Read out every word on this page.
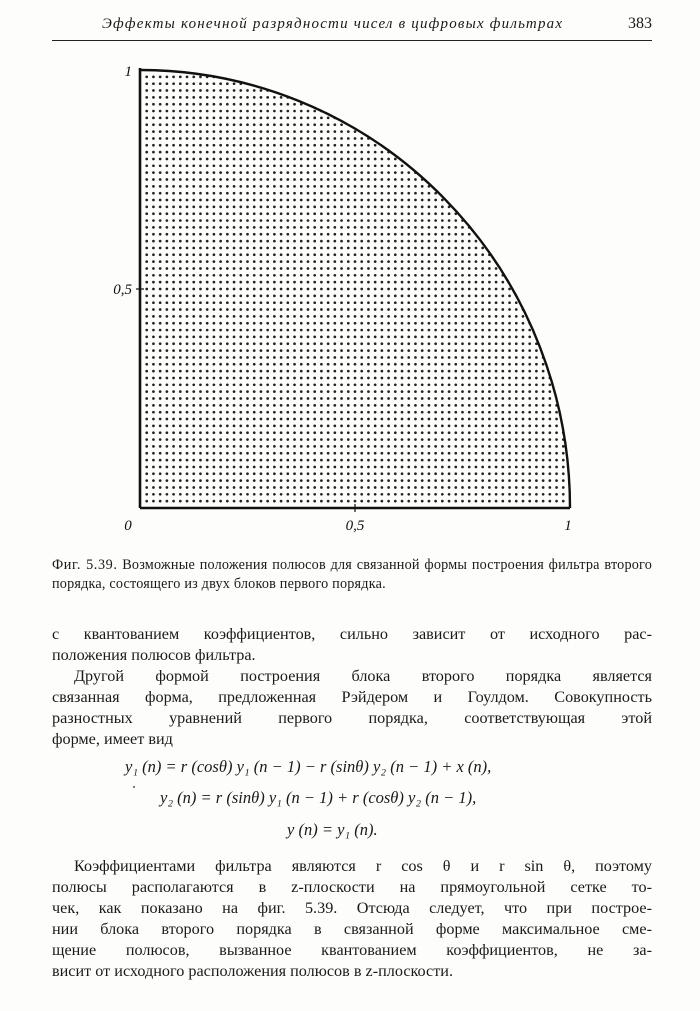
Эффекты конечной разрядности чисел в цифровых фильтрах	383
0	0,5	1
0,5
1
Фиг. 5.39. Возможные положения полюсов для связанной формы построения фильтра второго порядка, состоящего из двух блоков первого порядка.
с квантованием коэффициентов, сильно зависит от исходного рас-
положения полюсов фильтра.
Другой формой построения блока второго порядка является
связанная форма, предложенная Рэйдером и Гоулдом. Совокупность
разностных уравнений первого порядка, соответствующая этой
форме, имеет вид
y₁ (n) = r (cosθ) y₁ (n − 1) − r (sinθ) y₂ (n − 1) + x (n),
y₂ (n) = r (sinθ) y₁ (n − 1) + r (cosθ) y₂ (n − 1),
y (n) = y₁ (n).
Коэффициентами фильтра являются r cos θ и r sin θ, поэтому
полюсы располагаются в z-плоскости на прямоугольной сетке то-
чек, как показано на фиг. 5.39. Отсюда следует, что при построе-
нии блока второго порядка в связанной форме максимальное сме-
щение полюсов, вызванное квантованием коэффициентов, не за-
висит от исходного расположения полюсов в z-плоскости.
